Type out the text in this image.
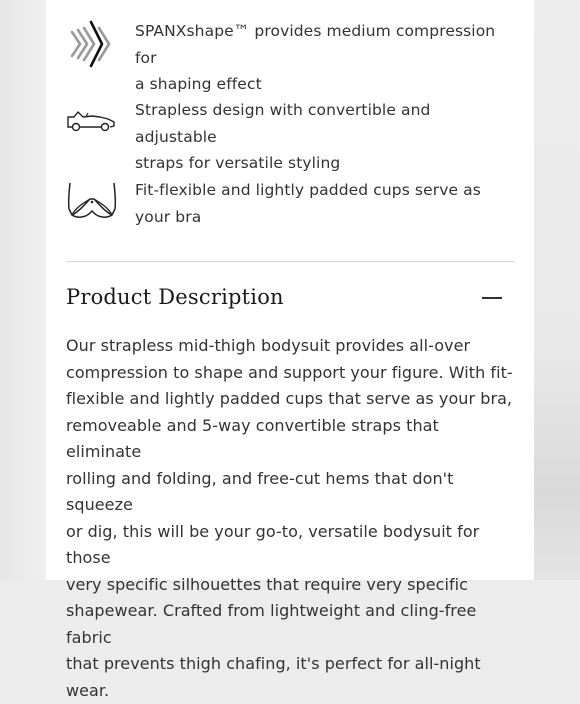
SPANXshape™ provides medium compression for
a shaping effect
Strapless design with convertible and adjustable
straps for versatile styling
Fit-flexible and lightly padded cups serve as
your bra
Product Description
Our strapless mid-thigh bodysuit provides all-over
compression to shape and support your figure. With fit-
flexible and lightly padded cups that serve as your bra,
removeable and 5-way convertible straps that eliminate
rolling and folding, and free-cut hems that don't squeeze
or dig, this will be your go-to, versatile bodysuit for those
very specific silhouettes that require very specific
shapewear. Crafted from lightweight and cling-free fabric
that prevents thigh chafing, it's perfect for all-night wear.
